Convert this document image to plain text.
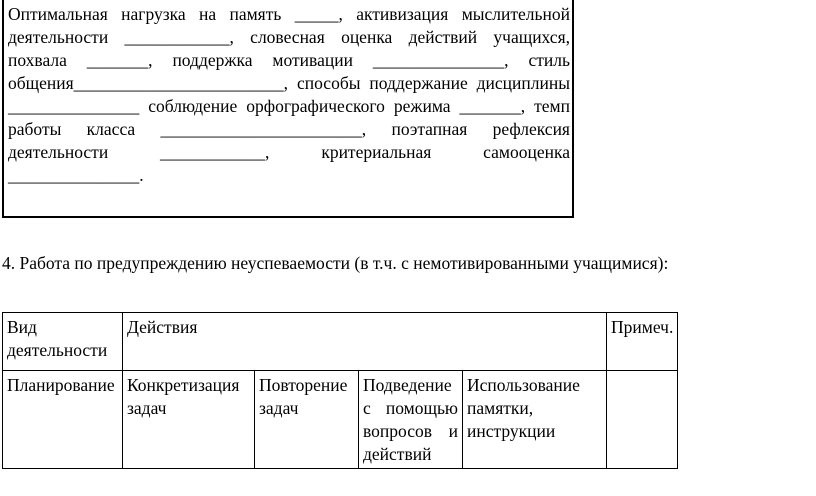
Оптимальная нагрузка на память _____, активизация мыслительной
деятельности ____________, словесная оценка действий учащихся,
похвала _______, поддержка мотивации _______________, стиль
общения________________________, способы поддержание дисциплины
_______________ соблюдение орфографического режима _______, темп
работы класса _______________________, поэтапная рефлексия
деятельности ____________, критериальная самооценка
_______________.
4. Работа по предупреждению неуспеваемости (в т.ч. с немотивированными учащимися):
Вид деятельности	Действия				Примеч.
Планирование	Конкретизация задач	Повторение задач	Подведение с помощью вопросов и действий	Использование памятки, инструкции	
